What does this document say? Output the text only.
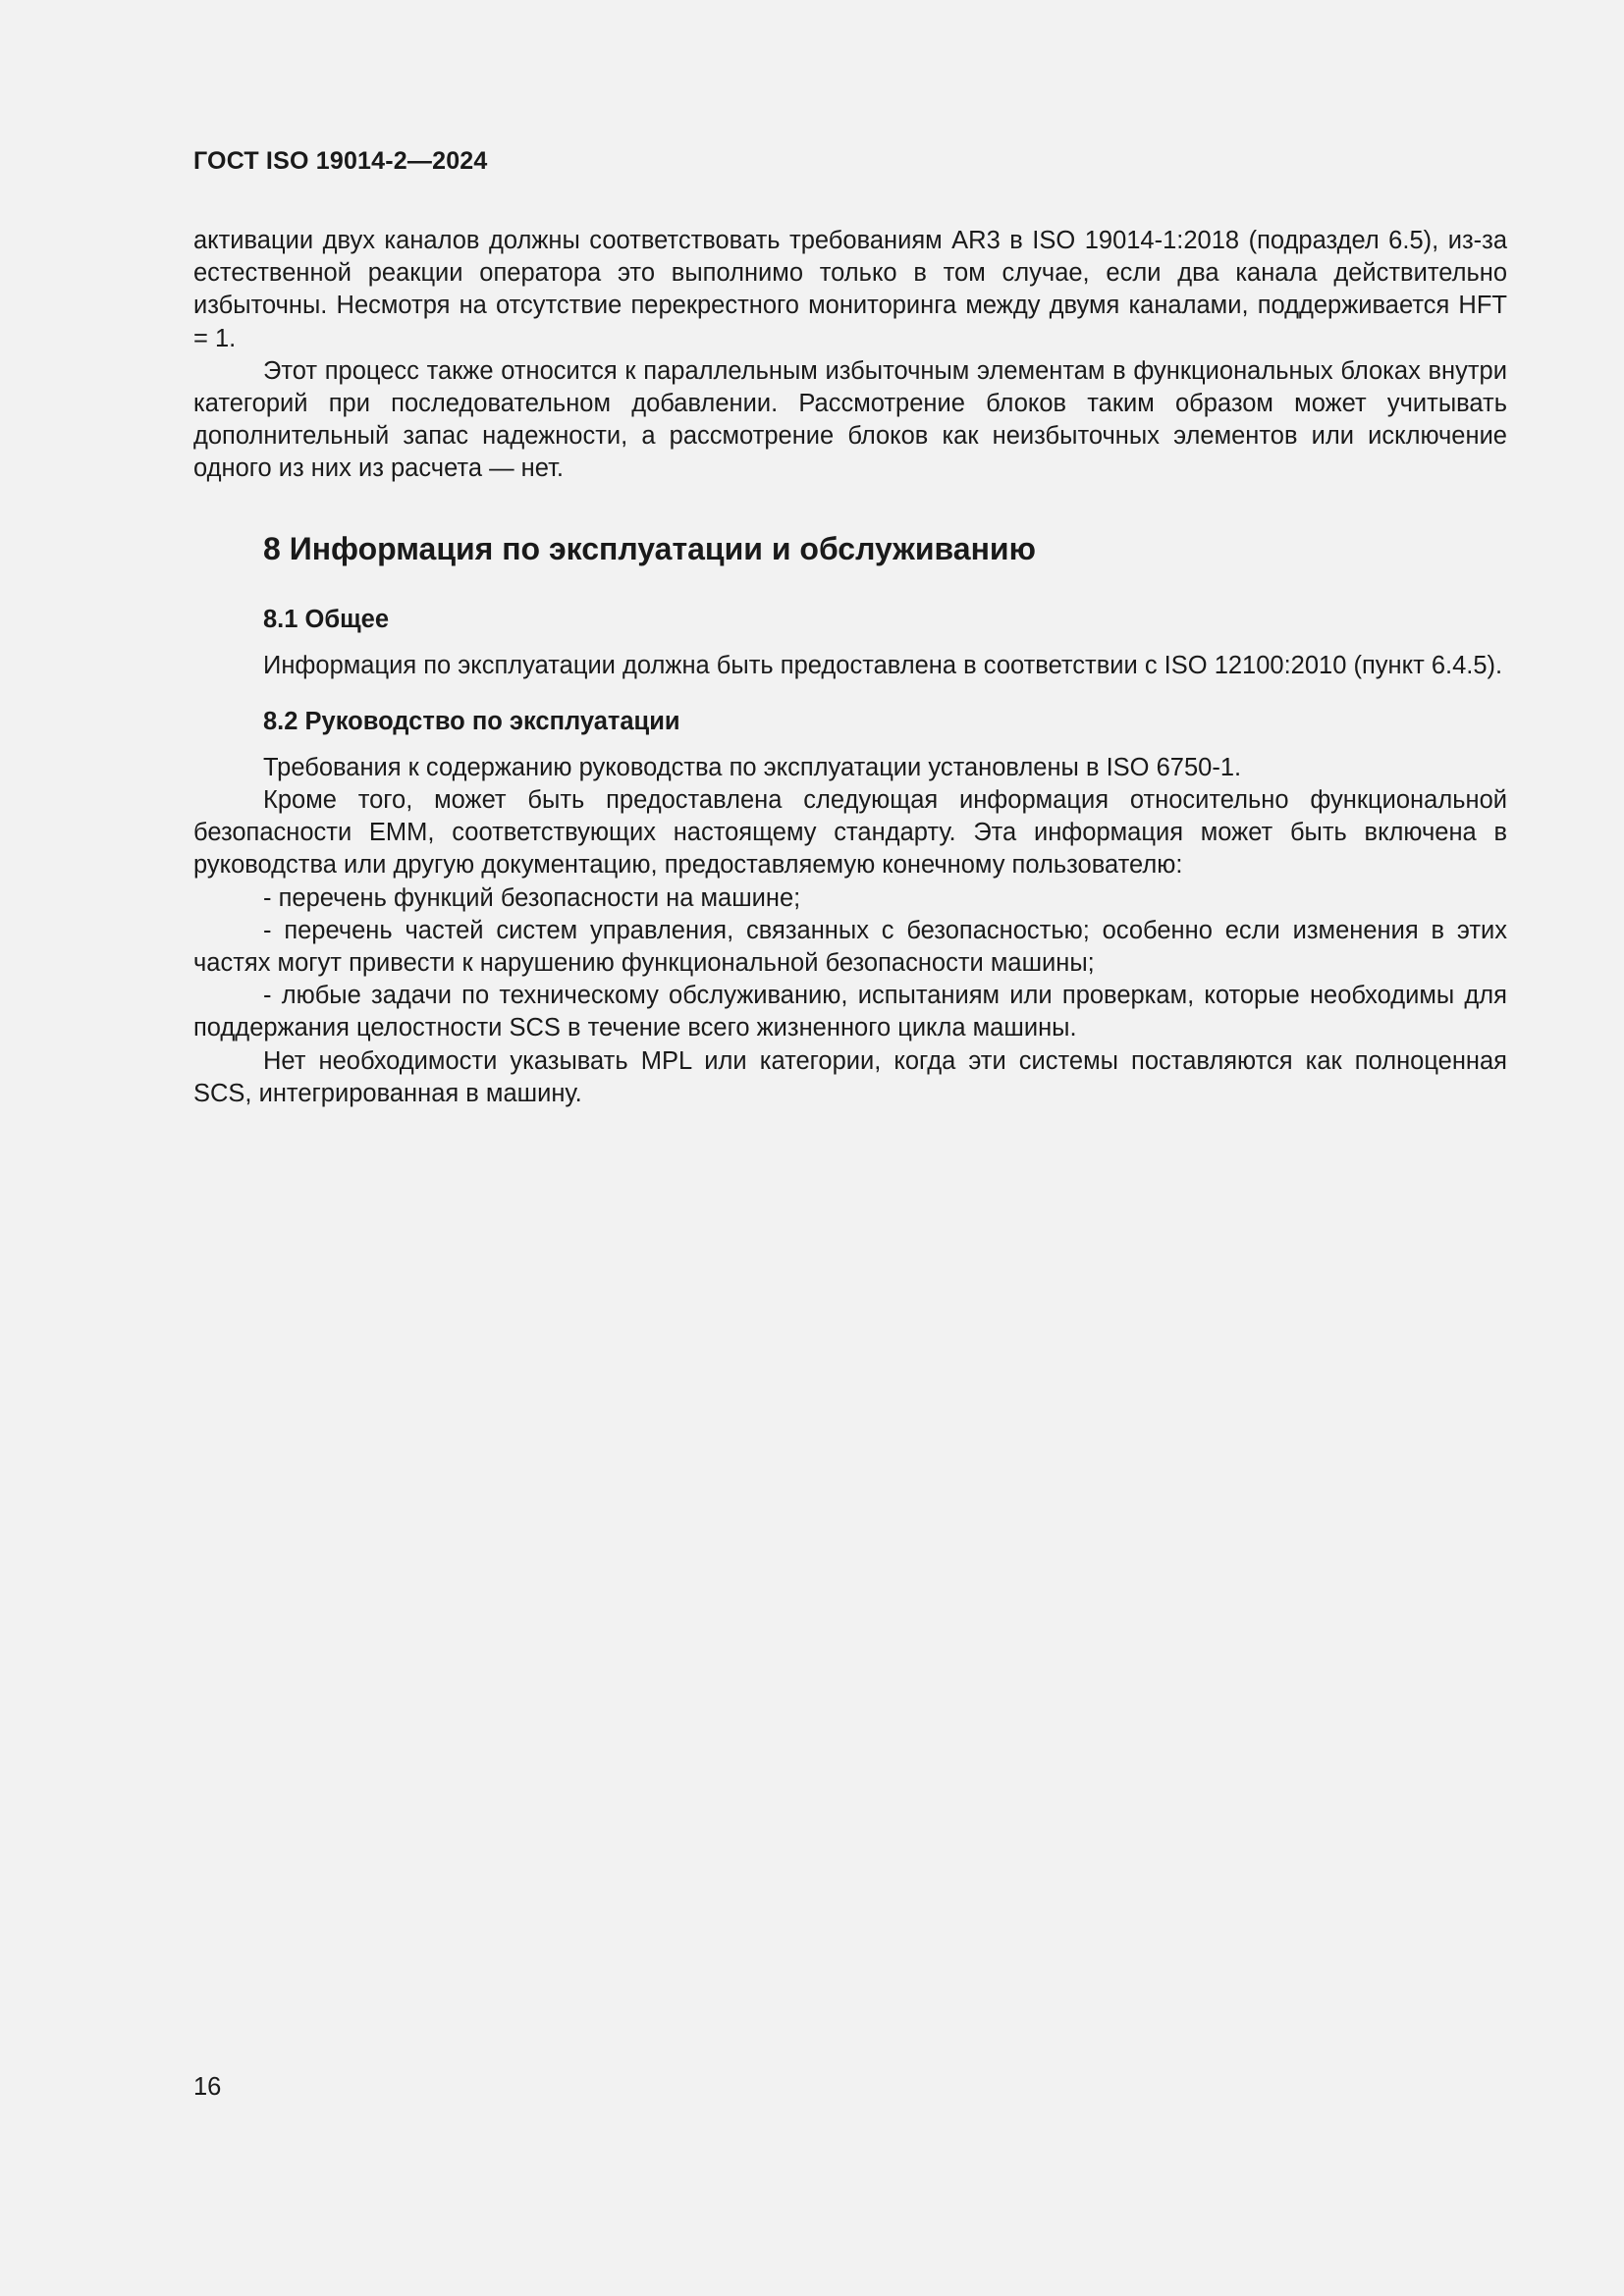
ГОСТ ISO 19014-2—2024

активации двух каналов должны соответствовать требованиям AR3 в ISO 19014-1:2018 (подраздел 6.5), из-за естественной реакции оператора это выполнимо только в том случае, если два канала действительно избыточны. Несмотря на отсутствие перекрестного мониторинга между двумя каналами, поддерживается HFT = 1.

Этот процесс также относится к параллельным избыточным элементам в функциональных блоках внутри категорий при последовательном добавлении. Рассмотрение блоков таким образом может учитывать дополнительный запас надежности, а рассмотрение блоков как неизбыточных элементов или исключение одного из них из расчета — нет.

8 Информация по эксплуатации и обслуживанию
8.1 Общее

Информация по эксплуатации должна быть предоставлена в соответствии с ISO 12100:2010 (пункт 6.4.5).

8.2 Руководство по эксплуатации

Требования к содержанию руководства по эксплуатации установлены в ISO 6750-1.

Кроме того, может быть предоставлена следующая информация относительно функциональной безопасности EMM, соответствующих настоящему стандарту. Эта информация может быть включена в руководства или другую документацию, предоставляемую конечному пользователю:

- перечень функций безопасности на машине;

- перечень частей систем управления, связанных с безопасностью; особенно если изменения в этих частях могут привести к нарушению функциональной безопасности машины;

- любые задачи по техническому обслуживанию, испытаниям или проверкам, которые необходимы для поддержания целостности SCS в течение всего жизненного цикла машины.

Нет необходимости указывать MPL или категории, когда эти системы поставляются как полноценная SCS, интегрированная в машину.

16
